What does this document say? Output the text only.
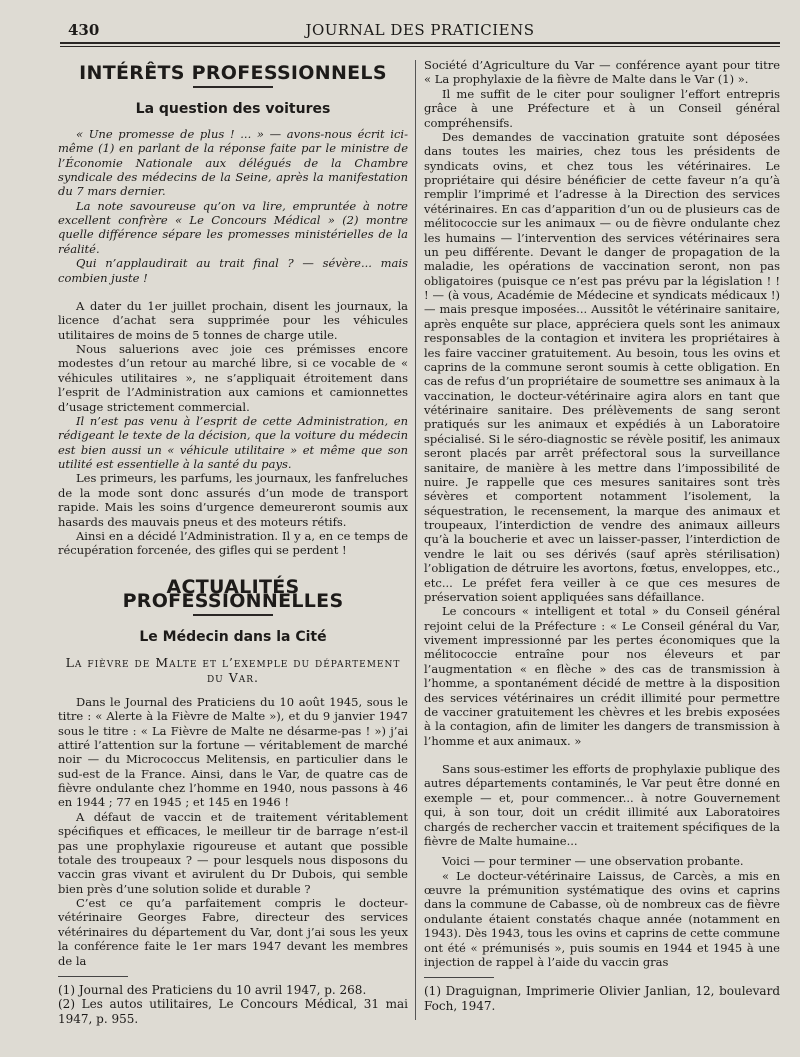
430	JOURNAL DES PRATICIENS
INTÉRÊTS PROFESSIONNELS
La question des voitures

« Une promesse de plus ! ... » — avons-nous écrit ici-même (1) en parlant de la réponse faite par le ministre de l’Économie Nationale aux délégués de la Chambre syndicale des médecins de la Seine, après la manifestation du 7 mars dernier.

La note savoureuse qu’on va lire, empruntée à notre excellent confrère « Le Concours Médical » (2) montre quelle différence sépare les promesses ministérielles de la réalité.

Qui n’applaudirait au trait final ? — sévère... mais combien juste !

A dater du 1er juillet prochain, disent les journaux, la licence d’achat sera supprimée pour les véhicules utilitaires de moins de 5 tonnes de charge utile.

Nous saluerions avec joie ces prémisses encore modestes d’un retour au marché libre, si ce vocable de « véhicules utilitaires », ne s’appliquait étroitement dans l’esprit de l’Administration aux camions et camionnettes d’usage strictement commercial.

Il n’est pas venu à l’esprit de cette Administration, en rédigeant le texte de la décision, que la voiture du médecin est bien aussi un « véhicule utilitaire » et même que son utilité est essentielle à la santé du pays.

Les primeurs, les parfums, les journaux, les fanfreluches de la mode sont donc assurés d’un mode de transport rapide. Mais les soins d’urgence demeureront soumis aux hasards des mauvais pneus et des moteurs rétifs.

Ainsi en a décidé l’Administration. Il y a, en ce temps de récupération forcenée, des gifles qui se perdent !

ACTUALITÉS PROFESSIONNELLES
Le Médecin dans la Cité
La fièvre de Malte et l’exemple du département du Var.

Dans le Journal des Praticiens du 10 août 1945, sous le titre : « Alerte à la Fièvre de Malte »), et du 9 janvier 1947 sous le titre : « La Fièvre de Malte ne désarme-pas ! ») j’ai attiré l’attention sur la fortune — véritablement de marché noir — du Micrococcus Melitensis, en particulier dans le sud-est de la France. Ainsi, dans le Var, de quatre cas de fièvre ondulante chez l’homme en 1940, nous passons à 46 en 1944 ; 77 en 1945 ; et 145 en 1946 !

A défaut de vaccin et de traitement véritablement spécifiques et efficaces, le meilleur tir de barrage n’est-il pas une prophylaxie rigoureuse et autant que possible totale des troupeaux ? — pour lesquels nous disposons du vaccin gras vivant et avirulent du Dr Dubois, qui semble bien près d’une solution solide et durable ?

C’est ce qu’a parfaitement compris le docteur-vétérinaire Georges Fabre, directeur des services vétérinaires du département du Var, dont j’ai sous les yeux la conférence faite le 1er mars 1947 devant les membres de la

(1) Journal des Praticiens du 10 avril 1947, p. 268.

(2) Les autos utilitaires, Le Concours Médical, 31 mai 1947, p. 955.

Société d’Agriculture du Var — conférence ayant pour titre « La prophylaxie de la fièvre de Malte dans le Var (1) ».

Il me suffit de le citer pour souligner l’effort entrepris grâce à une Préfecture et à un Conseil général compréhensifs.

Des demandes de vaccination gratuite sont déposées dans toutes les mairies, chez tous les présidents de syndicats ovins, et chez tous les vétérinaires. Le propriétaire qui désire bénéficier de cette faveur n’a qu’à remplir l’imprimé et l’adresse à la Direction des services vétérinaires. En cas d’apparition d’un ou de plusieurs cas de mélitococcie sur les animaux — ou de fièvre ondulante chez les humains — l’intervention des services vétérinaires sera un peu différente. Devant le danger de propagation de la maladie, les opérations de vaccination seront, non pas obligatoires (puisque ce n’est pas prévu par la législation ! ! ! — (à vous, Académie de Médecine et syndicats médicaux !) — mais presque imposées... Aussitôt le vétérinaire sanitaire, après enquête sur place, appréciera quels sont les animaux responsables de la contagion et invitera les propriétaires à les faire vacciner gratuitement. Au besoin, tous les ovins et caprins de la commune seront soumis à cette obligation. En cas de refus d’un propriétaire de soumettre ses animaux à la vaccination, le docteur-vétérinaire agira alors en tant que vétérinaire sanitaire. Des prélèvements de sang seront pratiqués sur les animaux et expédiés à un Laboratoire spécialisé. Si le séro-diagnostic se révèle positif, les animaux seront placés par arrêt préfectoral sous la surveillance sanitaire, de manière à les mettre dans l’impossibilité de nuire. Je rappelle que ces mesures sanitaires sont très sévères et comportent notamment l’isolement, la séquestration, le recensement, la marque des animaux et troupeaux, l’interdiction de vendre des animaux ailleurs qu’à la boucherie et avec un laisser-passer, l’interdiction de vendre le lait ou ses dérivés (sauf après stérilisation) l’obligation de détruire les avortons, fœtus, enveloppes, etc., etc... Le préfet fera veiller à ce que ces mesures de préservation soient appliquées sans défaillance.

Le concours « intelligent et total » du Conseil général rejoint celui de la Préfecture : « Le Conseil général du Var, vivement impressionné par les pertes économiques que la mélitococcie entraîne pour nos éleveurs et par l’augmentation « en flèche » des cas de transmission à l’homme, a spontanément décidé de mettre à la disposition des services vétérinaires un crédit illimité pour permettre de vacciner gratuitement les chèvres et les brebis exposées à la contagion, afin de limiter les dangers de transmission à l’homme et aux animaux. »

Sans sous-estimer les efforts de prophylaxie publique des autres départements contaminés, le Var peut être donné en exemple — et, pour commencer... à notre Gouvernement qui, à son tour, doit un crédit illimité aux Laboratoires chargés de rechercher vaccin et traitement spécifiques de la fièvre de Malte humaine...

Voici — pour terminer — une observation probante.

« Le docteur-vétérinaire Laissus, de Carcès, a mis en œuvre la prémunition systématique des ovins et caprins dans la commune de Cabasse, où de nombreux cas de fièvre ondulante étaient constatés chaque année (notamment en 1943). Dès 1943, tous les ovins et caprins de cette commune ont été « prémunisés », puis soumis en 1944 et 1945 à une injection de rappel à l’aide du vaccin gras

(1) Draguignan, Imprimerie Olivier Janlian, 12, boulevard Foch, 1947.
